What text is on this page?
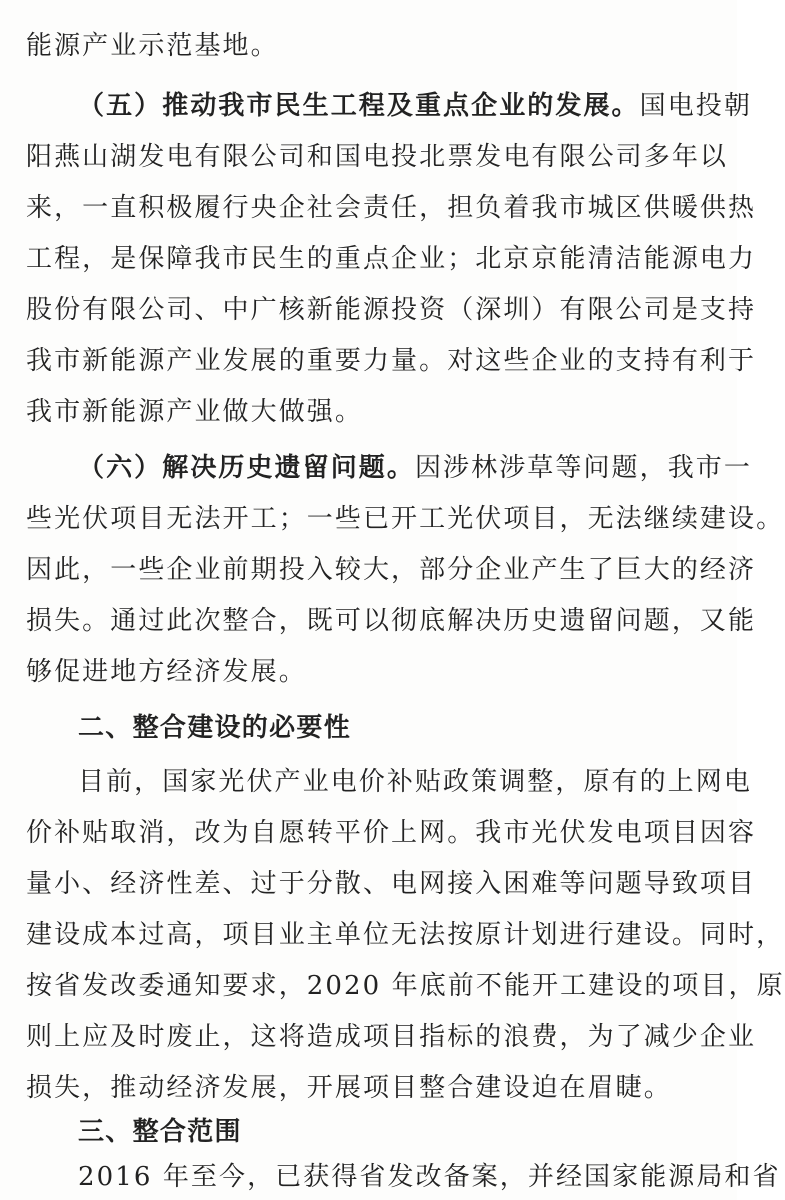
能源产业示范基地。
（五）推动我市民生工程及重点企业的发展。国电投朝
阳燕山湖发电有限公司和国电投北票发电有限公司多年以
来，一直积极履行央企社会责任，担负着我市城区供暖供热
工程，是保障我市民生的重点企业；北京京能清洁能源电力
股份有限公司、中广核新能源投资（深圳）有限公司是支持
我市新能源产业发展的重要力量。对这些企业的支持有利于
我市新能源产业做大做强。
（六）解决历史遗留问题。因涉林涉草等问题，我市一
些光伏项目无法开工；一些已开工光伏项目，无法继续建设。
因此，一些企业前期投入较大，部分企业产生了巨大的经济
损失。通过此次整合，既可以彻底解决历史遗留问题，又能
够促进地方经济发展。
二、整合建设的必要性
目前，国家光伏产业电价补贴政策调整，原有的上网电
价补贴取消，改为自愿转平价上网。我市光伏发电项目因容
量小、经济性差、过于分散、电网接入困难等问题导致项目
建设成本过高，项目业主单位无法按原计划进行建设。同时，
按省发改委通知要求，2020 年底前不能开工建设的项目，原
则上应及时废止，这将造成项目指标的浪费，为了减少企业
损失，推动经济发展，开展项目整合建设迫在眉睫。
三、整合范围
2016 年至今，已获得省发改备案，并经国家能源局和省
